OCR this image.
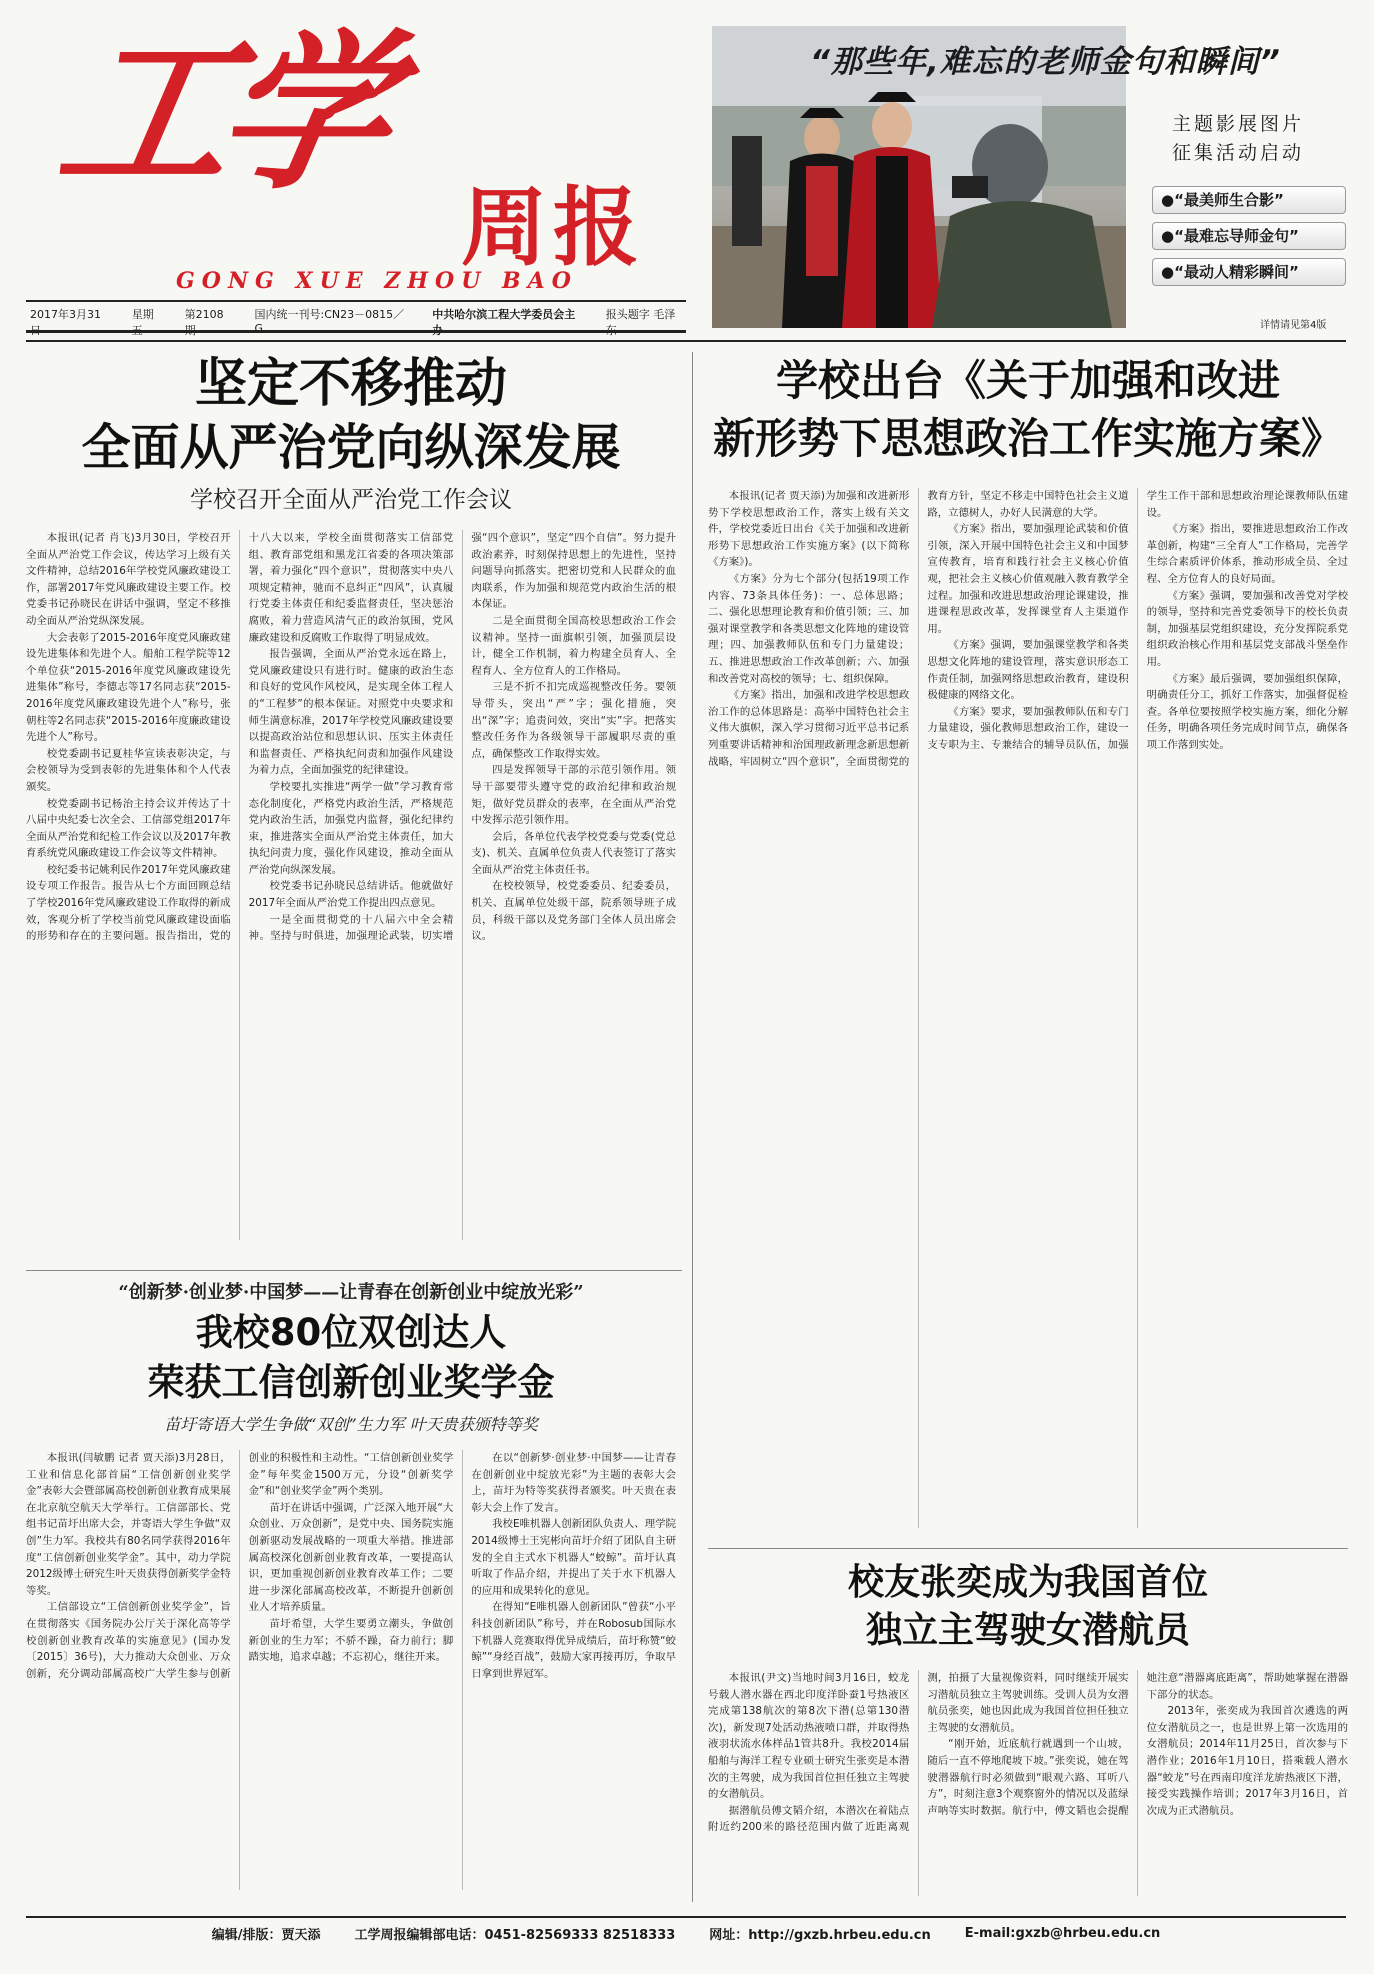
工学
周报
GONG XUE ZHOU BAO
2017年3月31日
星期五
第2108期
国内统一刊号:CN23－0815／G
中共哈尔滨工程大学委员会主办
报头题字 毛泽东
“那些年,难忘的老师金句和瞬间”
主题影展图片
征集活动启动
●“最美师生合影”
●“最难忘导师金句”
●“最动人精彩瞬间”
详情请见第4版
坚定不移推动
全面从严治党向纵深发展
学校召开全面从严治党工作会议

本报讯(记者 肖飞)3月30日，学校召开全面从严治党工作会议，传达学习上级有关文件精神，总结2016年学校党风廉政建设工作，部署2017年党风廉政建设主要工作。校党委书记孙晓民在讲话中强调，坚定不移推动全面从严治党纵深发展。

大会表彰了2015-2016年度党风廉政建设先进集体和先进个人。船舶工程学院等12个单位获“2015-2016年度党风廉政建设先进集体”称号，李德志等17名同志获“2015-2016年度党风廉政建设先进个人”称号，张朝柱等2名同志获“2015-2016年度廉政建设先进个人”称号。

校党委副书记夏桂华宣读表彰决定，与会校领导为受到表彰的先进集体和个人代表颁奖。

校党委副书记杨治主持会议并传达了十八届中央纪委七次全会、工信部党组2017年全面从严治党和纪检工作会议以及2017年教育系统党风廉政建设工作会议等文件精神。

校纪委书记姚利民作2017年党风廉政建设专项工作报告。报告从七个方面回顾总结了学校2016年党风廉政建设工作取得的新成效，客观分析了学校当前党风廉政建设面临的形势和存在的主要问题。报告指出，党的十八大以来，学校全面贯彻落实工信部党组、教育部党组和黑龙江省委的各项决策部署，着力强化“四个意识”，贯彻落实中央八项规定精神，驰而不息纠正“四风”，认真履行党委主体责任和纪委监督责任，坚决惩治腐败，着力营造风清气正的政治氛围，党风廉政建设和反腐败工作取得了明显成效。

报告强调，全面从严治党永远在路上，党风廉政建设只有进行时。健康的政治生态和良好的党风作风校风，是实现全体工程人的“工程梦”的根本保证。对照党中央要求和师生满意标准，2017年学校党风廉政建设要以提高政治站位和思想认识、压实主体责任和监督责任、严格执纪问责和加强作风建设为着力点，全面加强党的纪律建设。

学校要扎实推进“两学一做”学习教育常态化制度化，严格党内政治生活，严格规范党内政治生活，加强党内监督，强化纪律约束，推进落实全面从严治党主体责任，加大执纪问责力度，强化作风建设，推动全面从严治党向纵深发展。

校党委书记孙晓民总结讲话。他就做好2017年全面从严治党工作提出四点意见。

一是全面贯彻党的十八届六中全会精神。坚持与时俱进，加强理论武装，切实增强“四个意识”，坚定“四个自信”。努力提升政治素养，时刻保持思想上的先进性，坚持问题导向抓落实。把密切党和人民群众的血肉联系，作为加强和规范党内政治生活的根本保证。

二是全面贯彻全国高校思想政治工作会议精神。坚持一面旗帜引领，加强顶层设计，健全工作机制，着力构建全员育人、全程育人、全方位育人的工作格局。

三是不折不扣完成巡视整改任务。要领导带头，突出“严”字；强化措施，突出“深”字；追责问效，突出“实”字。把落实整改任务作为各级领导干部履职尽责的重点，确保整改工作取得实效。

四是发挥领导干部的示范引领作用。领导干部要带头遵守党的政治纪律和政治规矩，做好党员群众的表率，在全面从严治党中发挥示范引领作用。

会后，各单位代表学校党委与党委(党总支)、机关、直属单位负责人代表签订了落实全面从严治党主体责任书。

在校校领导，校党委委员、纪委委员，机关、直属单位处级干部，院系领导班子成员，科级干部以及党务部门全体人员出席会议。

学校出台《关于加强和改进
新形势下思想政治工作实施方案》

本报讯(记者 贾天添)为加强和改进新形势下学校思想政治工作，落实上级有关文件，学校党委近日出台《关于加强和改进新形势下思想政治工作实施方案》(以下简称《方案》)。

《方案》分为七个部分(包括19项工作内容、73条具体任务)：一、总体思路；二、强化思想理论教育和价值引领；三、加强对课堂教学和各类思想文化阵地的建设管理；四、加强教师队伍和专门力量建设；五、推进思想政治工作改革创新；六、加强和改善党对高校的领导；七、组织保障。

《方案》指出，加强和改进学校思想政治工作的总体思路是：高举中国特色社会主义伟大旗帜，深入学习贯彻习近平总书记系列重要讲话精神和治国理政新理念新思想新战略，牢固树立“四个意识”，全面贯彻党的教育方针，坚定不移走中国特色社会主义道路，立德树人，办好人民满意的大学。

《方案》指出，要加强理论武装和价值引领，深入开展中国特色社会主义和中国梦宣传教育，培育和践行社会主义核心价值观，把社会主义核心价值观融入教育教学全过程。加强和改进思想政治理论课建设，推进课程思政改革，发挥课堂育人主渠道作用。

《方案》强调，要加强课堂教学和各类思想文化阵地的建设管理，落实意识形态工作责任制，加强网络思想政治教育，建设积极健康的网络文化。

《方案》要求，要加强教师队伍和专门力量建设，强化教师思想政治工作，建设一支专职为主、专兼结合的辅导员队伍，加强学生工作干部和思想政治理论课教师队伍建设。

《方案》指出，要推进思想政治工作改革创新，构建“三全育人”工作格局，完善学生综合素质评价体系，推动形成全员、全过程、全方位育人的良好局面。

《方案》强调，要加强和改善党对学校的领导，坚持和完善党委领导下的校长负责制，加强基层党组织建设，充分发挥院系党组织政治核心作用和基层党支部战斗堡垒作用。

《方案》最后强调，要加强组织保障，明确责任分工，抓好工作落实，加强督促检查。各单位要按照学校实施方案，细化分解任务，明确各项任务完成时间节点，确保各项工作落到实处。

“创新梦·创业梦·中国梦——让青春在创新创业中绽放光彩”
我校80位双创达人
荣获工信创新创业奖学金
苗圩寄语大学生争做“双创”生力军 叶天贵获颁特等奖

本报讯(闫敏鹏 记者 贾天添)3月28日，工业和信息化部首届“工信创新创业奖学金”表彰大会暨部属高校创新创业教育成果展在北京航空航天大学举行。工信部部长、党组书记苗圩出席大会，并寄语大学生争做“双创”生力军。我校共有80名同学获得2016年度“工信创新创业奖学金”。其中，动力学院2012级博士研究生叶天贵获得创新奖学金特等奖。

工信部设立“工信创新创业奖学金”，旨在贯彻落实《国务院办公厅关于深化高等学校创新创业教育改革的实施意见》(国办发〔2015〕36号)，大力推动大众创业、万众创新，充分调动部属高校广大学生参与创新创业的积极性和主动性。“工信创新创业奖学金”每年奖金1500万元，分设“创新奖学金”和“创业奖学金”两个类别。

苗圩在讲话中强调，广泛深入地开展“大众创业、万众创新”，是党中央、国务院实施创新驱动发展战略的一项重大举措。推进部属高校深化创新创业教育改革，一要提高认识，更加重视创新创业教育改革工作；二要进一步深化部属高校改革，不断提升创新创业人才培养质量。

苗圩希望，大学生要勇立潮头，争做创新创业的生力军；不骄不躁，奋力前行；脚踏实地，追求卓越；不忘初心，继往开来。

在以“创新梦·创业梦·中国梦——让青春在创新创业中绽放光彩”为主题的表彰大会上，苗圩为特等奖获得者颁奖。叶天贵在表彰大会上作了发言。

我校E唯机器人创新团队负责人、理学院2014级博士王宪彬向苗圩介绍了团队自主研发的全自主式水下机器人“蛟鲸”。苗圩认真听取了作品介绍，并提出了关于水下机器人的应用和成果转化的意见。

在得知“E唯机器人创新团队”曾获“小平科技创新团队”称号，并在Robosub国际水下机器人竞赛取得优异成绩后，苗圩称赞“蛟鲸”“身经百战”，鼓励大家再接再厉，争取早日拿到世界冠军。

校友张奕成为我国首位
独立主驾驶女潜航员

本报讯(尹文)当地时间3月16日，蛟龙号载人潜水器在西北印度洋卧蚕1号热液区完成第138航次的第8次下潜(总第130潜次)，新发现7处活动热液喷口群，并取得热液羽状流水体样品1管共8升。我校2014届船舶与海洋工程专业硕士研究生张奕是本潜次的主驾驶，成为我国首位担任独立主驾驶的女潜航员。

据潜航员傅文韬介绍，本潜次在着陆点附近约200米的路径范围内做了近距离观测，拍摄了大量视像资料，同时继续开展实习潜航员独立主驾驶训练。受训人员为女潜航员张奕，她也因此成为我国首位担任独立主驾驶的女潜航员。

“刚开始，近底航行就遇到一个山坡，随后一直不停地爬坡下坡。”张奕说，她在驾驶潜器航行时必须做到“眼观六路、耳听八方”，时刻注意3个观察窗外的情况以及蓝绿声呐等实时数据。航行中，傅文韬也会提醒她注意“潜器离底距离”，帮助她掌握在潜器下部分的状态。

2013年，张奕成为我国首次遴选的两位女潜航员之一，也是世界上第一次选用的女潜航员；2014年11月25日，首次参与下潜作业；2016年1月10日，搭乘载人潜水器“蛟龙”号在西南印度洋龙旂热液区下潜，接受实践操作培训；2017年3月16日，首次成为正式潜航员。

编辑/排版：贾天添	工学周报编辑部电话：0451-82569333 82518333	网址：http://gxzb.hrbeu.edu.cn	E-mail:gxzb@hrbeu.edu.cn
